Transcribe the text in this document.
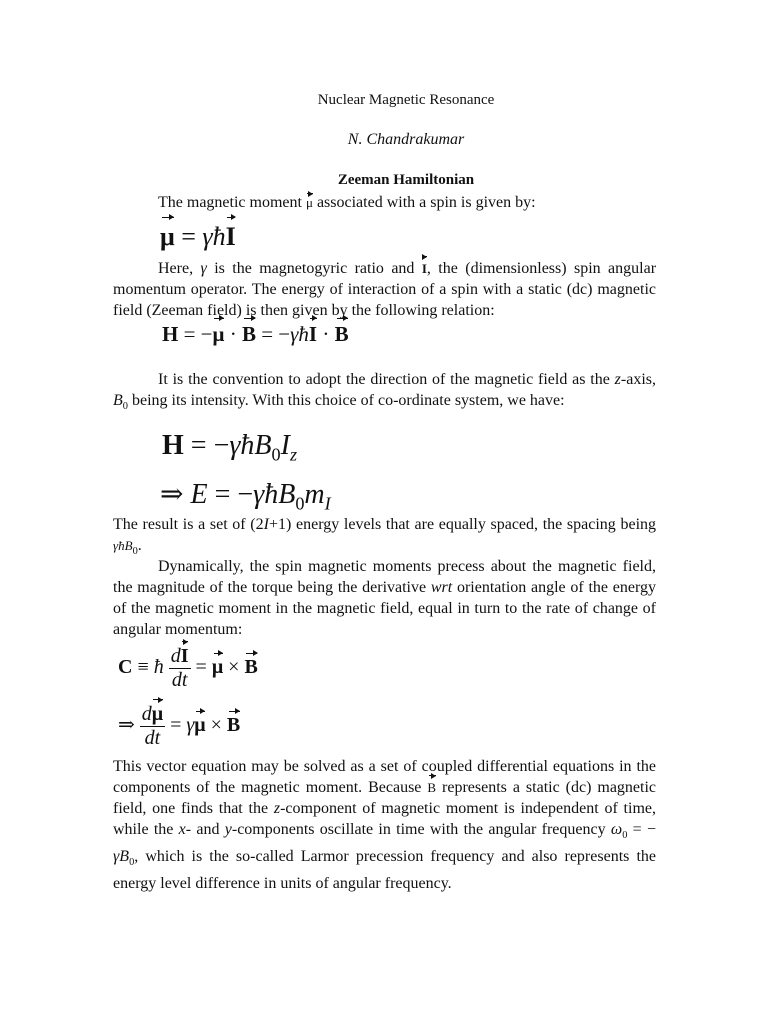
Nuclear Magnetic Resonance
N. Chandrakumar
Zeeman Hamiltonian
The magnetic moment μ associated with a spin is given by:
μ = γħI
Here, γ is the magnetogyric ratio and I, the (dimensionless) spin angular momentum operator. The energy of interaction of a spin with a static (dc) magnetic field (Zeeman field) is then given by the following relation:
H = −μ · B = −γħI · B
It is the convention to adopt the direction of the magnetic field as the z-axis, $B_0$ being its intensity. With this choice of co-ordinate system, we have:
$H = -\gamma ħB_0I_z$
⇒ $E = -\gamma ħB_0m_I$
The result is a set of (2I+1) energy levels that are equally spaced, the spacing being γħB$_0$.
Dynamically, the spin magnetic moments precess about the magnetic field, the magnitude of the torque being the derivative wrt orientation angle of the energy of the magnetic moment in the magnetic field, equal in turn to the rate of change of angular momentum:
C ≡ ħ $\frac{dI}{dt} = \mu \times B$
⇒ $\frac{d\mu}{dt} = \gamma\mu \times B$
This vector equation may be solved as a set of coupled differential equations in the components of the magnetic moment. Because B represents a static (dc) magnetic field, one finds that the z-component of magnetic moment is independent of time, while the x- and y-components oscillate in time with the angular frequency $\omega_0$ = − $\gamma B_0$, which is the so-called Larmor precession frequency and also represents the energy level difference in units of angular frequency.
